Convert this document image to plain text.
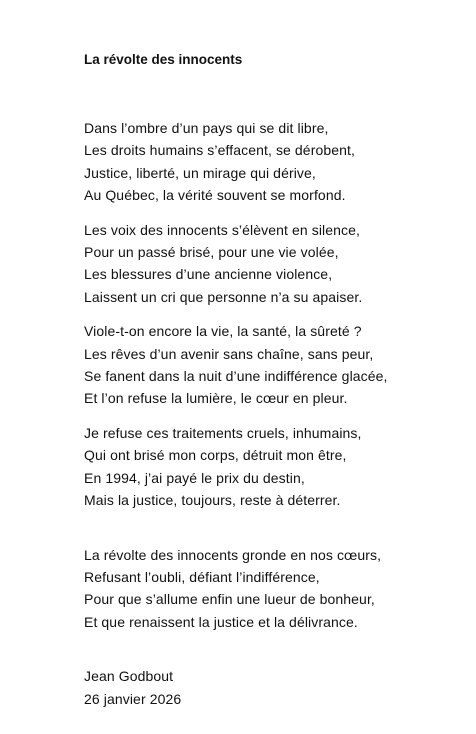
La révolte des innocents
Dans l’ombre d’un pays qui se dit libre,
Les droits humains s’effacent, se dérobent,
Justice, liberté, un mirage qui dérive,
Au Québec, la vérité souvent se morfond.
Les voix des innocents s’élèvent en silence,
Pour un passé brisé, pour une vie volée,
Les blessures d’une ancienne violence,
Laissent un cri que personne n’a su apaiser.
Viole-t-on encore la vie, la santé, la sûreté ?
Les rêves d’un avenir sans chaîne, sans peur,
Se fanent dans la nuit d’une indifférence glacée,
Et l’on refuse la lumière, le cœur en pleur.
Je refuse ces traitements cruels, inhumains,
Qui ont brisé mon corps, détruit mon être,
En 1994, j’ai payé le prix du destin,
Mais la justice, toujours, reste à déterrer.
La révolte des innocents gronde en nos cœurs,
Refusant l’oubli, défiant l’indifférence,
Pour que s’allume enfin une lueur de bonheur,
Et que renaissent la justice et la délivrance.
Jean Godbout
26 janvier 2026
